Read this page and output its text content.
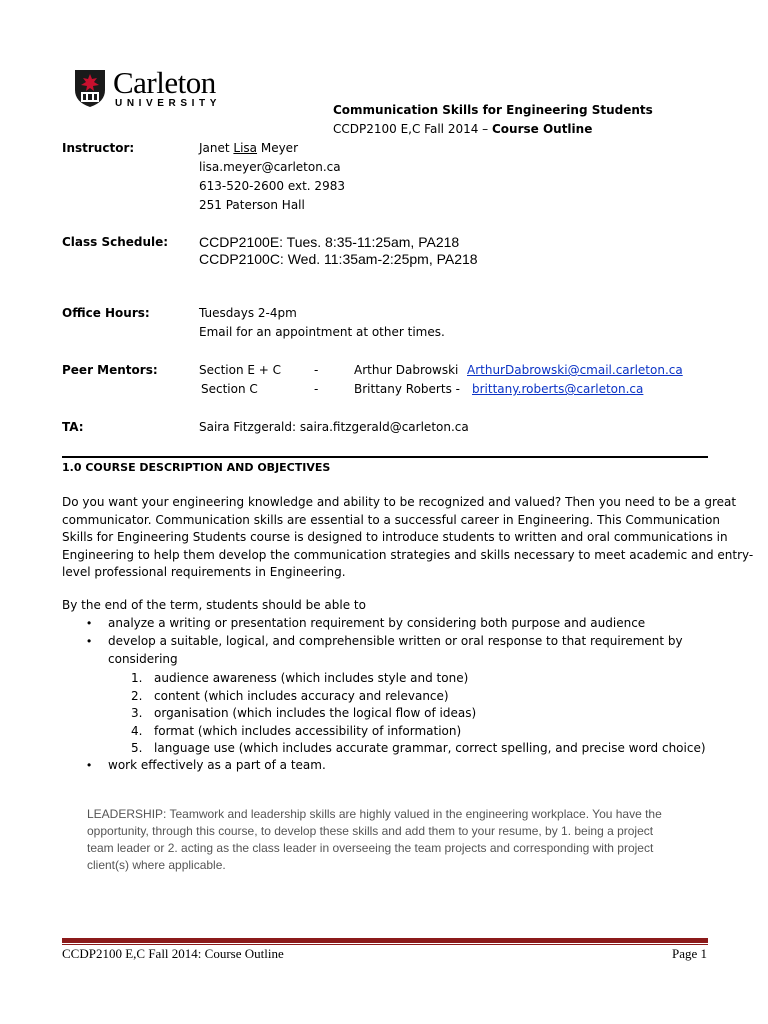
Carleton
UNIVERSITY	Communication Skills for Engineering Students
CCDP2100 E,C Fall 2014 – Course Outline
Instructor:	Janet Lisa Meyer
lisa.meyer@carleton.ca
613-520-2600 ext. 2983
251 Paterson Hall
Class Schedule: CCDP2100E: Tues. 8:35-11:25am, PA218
CCDP2100C: Wed. 11:35am-2:25pm, PA218
Office Hours:	Tuesdays 2-4pm
Email for an appointment at other times.
Peer Mentors:	Section E + C	-	Arthur Dabrowski ArthurDabrowski@cmail.carleton.ca
Section C	-	Brittany Roberts - brittany.roberts@carleton.ca
TA:	Saira Fitzgerald: saira.fitzgerald@carleton.ca
1.0 COURSE DESCRIPTION AND OBJECTIVES
Do you want your engineering knowledge and ability to be recognized and valued? Then you need to be a great
communicator. Communication skills are essential to a successful career in Engineering. This Communication
Skills for Engineering Students course is designed to introduce students to written and oral communications in
Engineering to help them develop the communication strategies and skills necessary to meet academic and entry-
level professional requirements in Engineering.
By the end of the term, students should be able to
• analyze a writing or presentation requirement by considering both purpose and audience
• develop a suitable, logical, and comprehensible written or oral response to that requirement by
considering
1. audience awareness (which includes style and tone)
2. content (which includes accuracy and relevance)
3. organisation (which includes the logical flow of ideas)
4. format (which includes accessibility of information)
5. language use (which includes accurate grammar, correct spelling, and precise word choice)
• work effectively as a part of a team.
LEADERSHIP: Teamwork and leadership skills are highly valued in the engineering workplace. You have the
opportunity, through this course, to develop these skills and add them to your resume, by 1. being a project
team leader or 2. acting as the class leader in overseeing the team projects and corresponding with project
client(s) where applicable.
CCDP2100 E,C Fall 2014: Course Outline	Page 1
